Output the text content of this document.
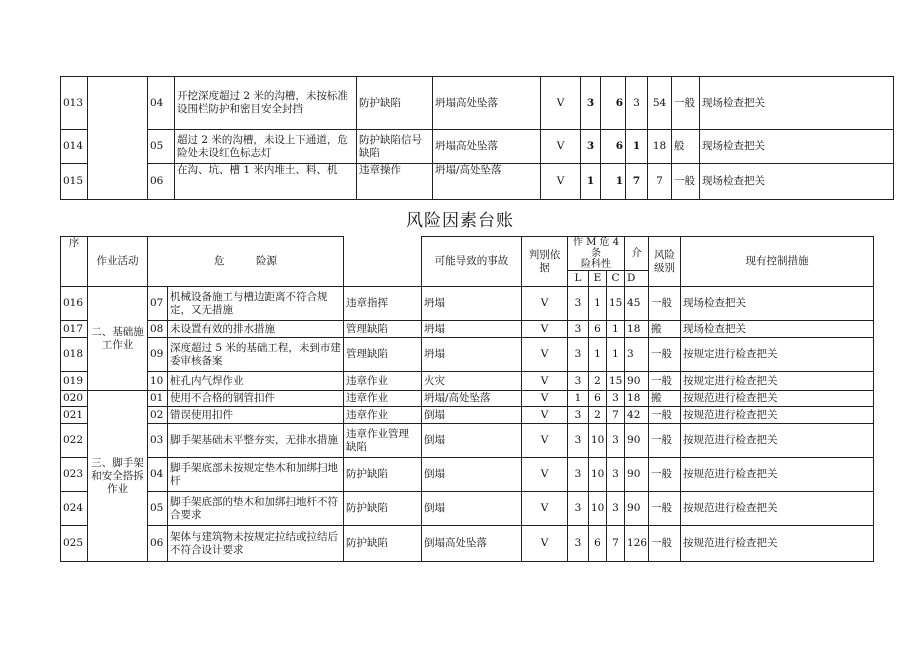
013		04	开挖深度超过 2 米的沟槽，未按标准设围栏防护和密目安全封挡	防护缺陷	坍塌高处坠落	V	3	6	3	54	一般	现场检查把关
014		05	超过 2 米的沟槽，未设上下通道，危险处未设红色标志灯	防护缺陷信号缺陷	坍塌高处坠落	V	3	6	1	18	般	现场检查把关
015		06	在沟、坑、槽 1 米内堆土、料、机	违章操作	坍塌/高处坠落	V	1	1	7	7	一般	现场检查把关
风险因素台账
序	作业活动	危　　　险源			可能导致的事故	判别依据	作 M 危 4 条
险科性			介	风险级别	现有控制措施
							L	E	C	D		
016	二、基础施工作业	07	机械设备施工与槽边距离不符合规定，又无措施	违章指挥	坍塌	V	3	1	15	45	一般	现场检查把关
017		08	未设置有效的排水措施	管理缺陷	坍塌	V	3	6	1	18	搬	现场检查把关
018		09	深度超过 5 米的基础工程，未到市建委审核备案	管理缺陷	坍塌	V	3	1	1	3	一般	按规定进行检查把关
019		10	桩孔内气焊作业	违章作业	火灾	V	3	2	15	90	一般	按规定进行检查把关
020	三、脚手架和安全搭拆作业	01	使用不合格的钢管扣件	违章作业	坍塌/高处坠落	V	1	6	3	18	搬	按规范进行检查把关
021		02	错误使用扣件	违章作业	倒塌	V	3	2	7	42	一般	按规范进行检查把关
022		03	脚手架基础未平整夯实，无排水措施	违章作业管理缺陷	倒塌	V	3	10	3	90	一般	按规范进行检查把关
023		04	脚手架底部未按规定垫木和加绑扫地杆	防护缺陷	倒塌	V	3	10	3	90	一般	按规范进行检查把关
024		05	脚手架底部的垫木和加绑扫地杆不符合要求	防护缺陷	倒塌	V	3	10	3	90	一般	按规范进行检查把关
025		06	架体与建筑物未按规定拉结或拉结后不符合设计要求	防护缺陷	倒塌高处坠落	V	3	6	7	126	一般	按规范进行检查把关
